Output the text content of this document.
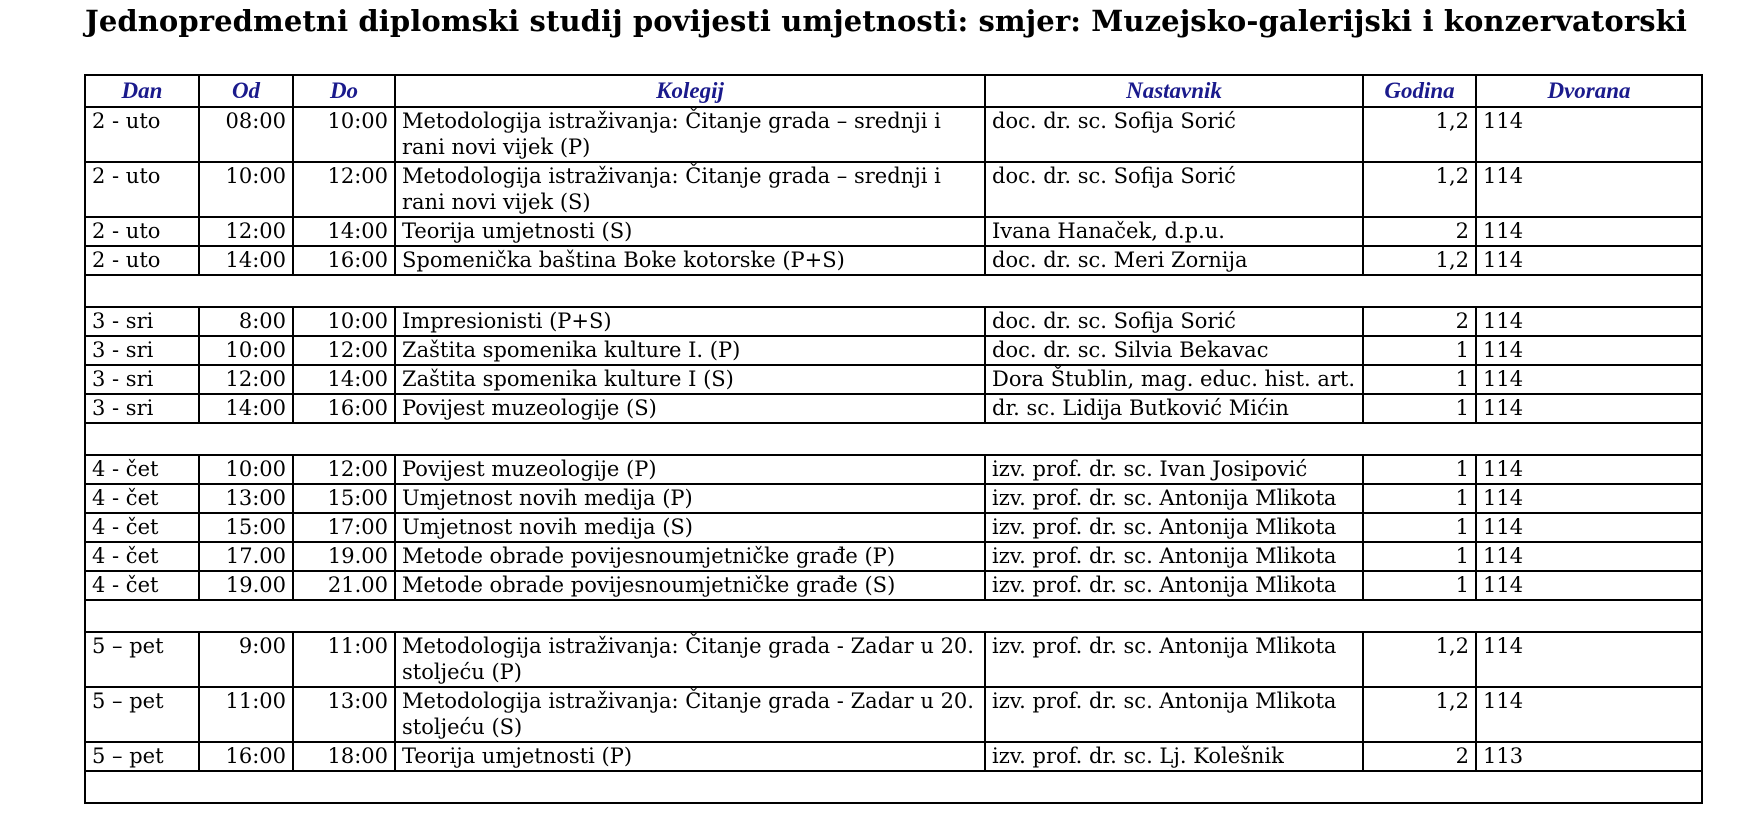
Jednopredmetni diplomski studij povijesti umjetnosti: smjer: Muzejsko-galerijski i konzervatorski
Dan	Od	Do	Kolegij	Nastavnik	Godina	Dvorana
2 - uto	08:00	10:00	Metodologija istraživanja: Čitanje grada – srednji i rani novi vijek (P)	doc. dr. sc. Sofija Sorić	1,2	114
2 - uto	10:00	12:00	Metodologija istraživanja: Čitanje grada – srednji i rani novi vijek (S)	doc. dr. sc. Sofija Sorić	1,2	114
2 - uto	12:00	14:00	Teorija umjetnosti (S)	Ivana Hanaček, d.p.u.	2	114
2 - uto	14:00	16:00	Spomenička baština Boke kotorske (P+S)	doc. dr. sc. Meri Zornija	1,2	114

3 - sri	8:00	10:00	Impresionisti (P+S)	doc. dr. sc. Sofija Sorić	2	114
3 - sri	10:00	12:00	Zaštita spomenika kulture I. (P)	doc. dr. sc. Silvia Bekavac	1	114
3 - sri	12:00	14:00	Zaštita spomenika kulture I (S)	Dora Štublin, mag. educ. hist. art.	1	114
3 - sri	14:00	16:00	Povijest muzeologije (S)	dr. sc. Lidija Butković Mićin	1	114

4 - čet	10:00	12:00	Povijest muzeologije (P)	izv. prof. dr. sc. Ivan Josipović	1	114
4 - čet	13:00	15:00	Umjetnost novih medija (P)	izv. prof. dr. sc. Antonija Mlikota	1	114
4 - čet	15:00	17:00	Umjetnost novih medija (S)	izv. prof. dr. sc. Antonija Mlikota	1	114
4 - čet	17.00	19.00	Metode obrade povijesnoumjetničke građe (P)	izv. prof. dr. sc. Antonija Mlikota	1	114
4 - čet	19.00	21.00	Metode obrade povijesnoumjetničke građe (S)	izv. prof. dr. sc. Antonija Mlikota	1	114

5 – pet	9:00	11:00	Metodologija istraživanja: Čitanje grada - Zadar u 20. stoljeću (P)	izv. prof. dr. sc. Antonija Mlikota	1,2	114
5 – pet	11:00	13:00	Metodologija istraživanja: Čitanje grada - Zadar u 20. stoljeću (S)	izv. prof. dr. sc. Antonija Mlikota	1,2	114
5 – pet	16:00	18:00	Teorija umjetnosti (P)	izv. prof. dr. sc. Lj. Kolešnik	2	113
